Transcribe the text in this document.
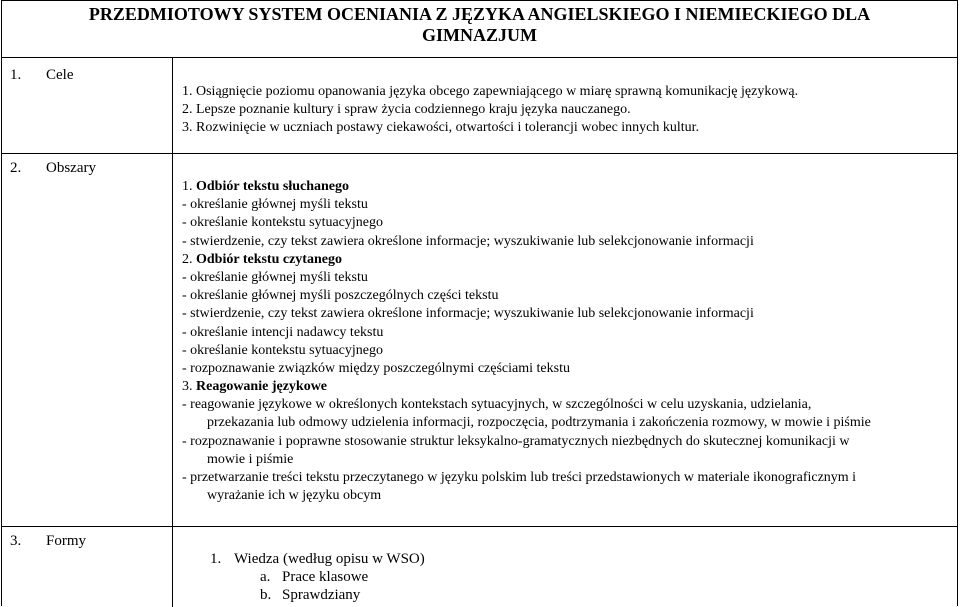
PRZEDMIOTOWY SYSTEM OCENIANIA Z JĘZYKA ANGIELSKIEGO I NIEMIECKIEGO DLA GIMNAZJUM
1. Cele
1. Osiągnięcie poziomu opanowania języka obcego zapewniającego w miarę sprawną komunikację językową.
2. Lepsze poznanie kultury i spraw życia codziennego kraju języka nauczanego.
3. Rozwinięcie w uczniach postawy ciekawości, otwartości i tolerancji wobec innych kultur.
2. Obszary
1. Odbiór tekstu słuchanego
- określanie głównej myśli tekstu
- określanie kontekstu sytuacyjnego
- stwierdzenie, czy tekst zawiera określone informacje; wyszukiwanie lub selekcjonowanie informacji
2. Odbiór tekstu czytanego
- określanie głównej myśli tekstu
- określanie głównej myśli poszczególnych części tekstu
- stwierdzenie, czy tekst zawiera określone informacje; wyszukiwanie lub selekcjonowanie informacji
- określanie intencji nadawcy tekstu
- określanie kontekstu sytuacyjnego
- rozpoznawanie związków między poszczególnymi częściami tekstu
3. Reagowanie językowe
- reagowanie językowe w określonych kontekstach sytuacyjnych, w szczególności w celu uzyskania, udzielania,
przekazania lub odmowy udzielenia informacji, rozpoczęcia, podtrzymania i zakończenia rozmowy, w mowie i piśmie
- rozpoznawanie i poprawne stosowanie struktur leksykalno-gramatycznych niezbędnych do skutecznej komunikacji w
mowie i piśmie
- przetwarzanie treści tekstu przeczytanego w języku polskim lub treści przedstawionych w materiale ikonograficznym i
wyrażanie ich w języku obcym
3. Formy
1. Wiedza (według opisu w WSO)
a. Prace klasowe
b. Sprawdziany
